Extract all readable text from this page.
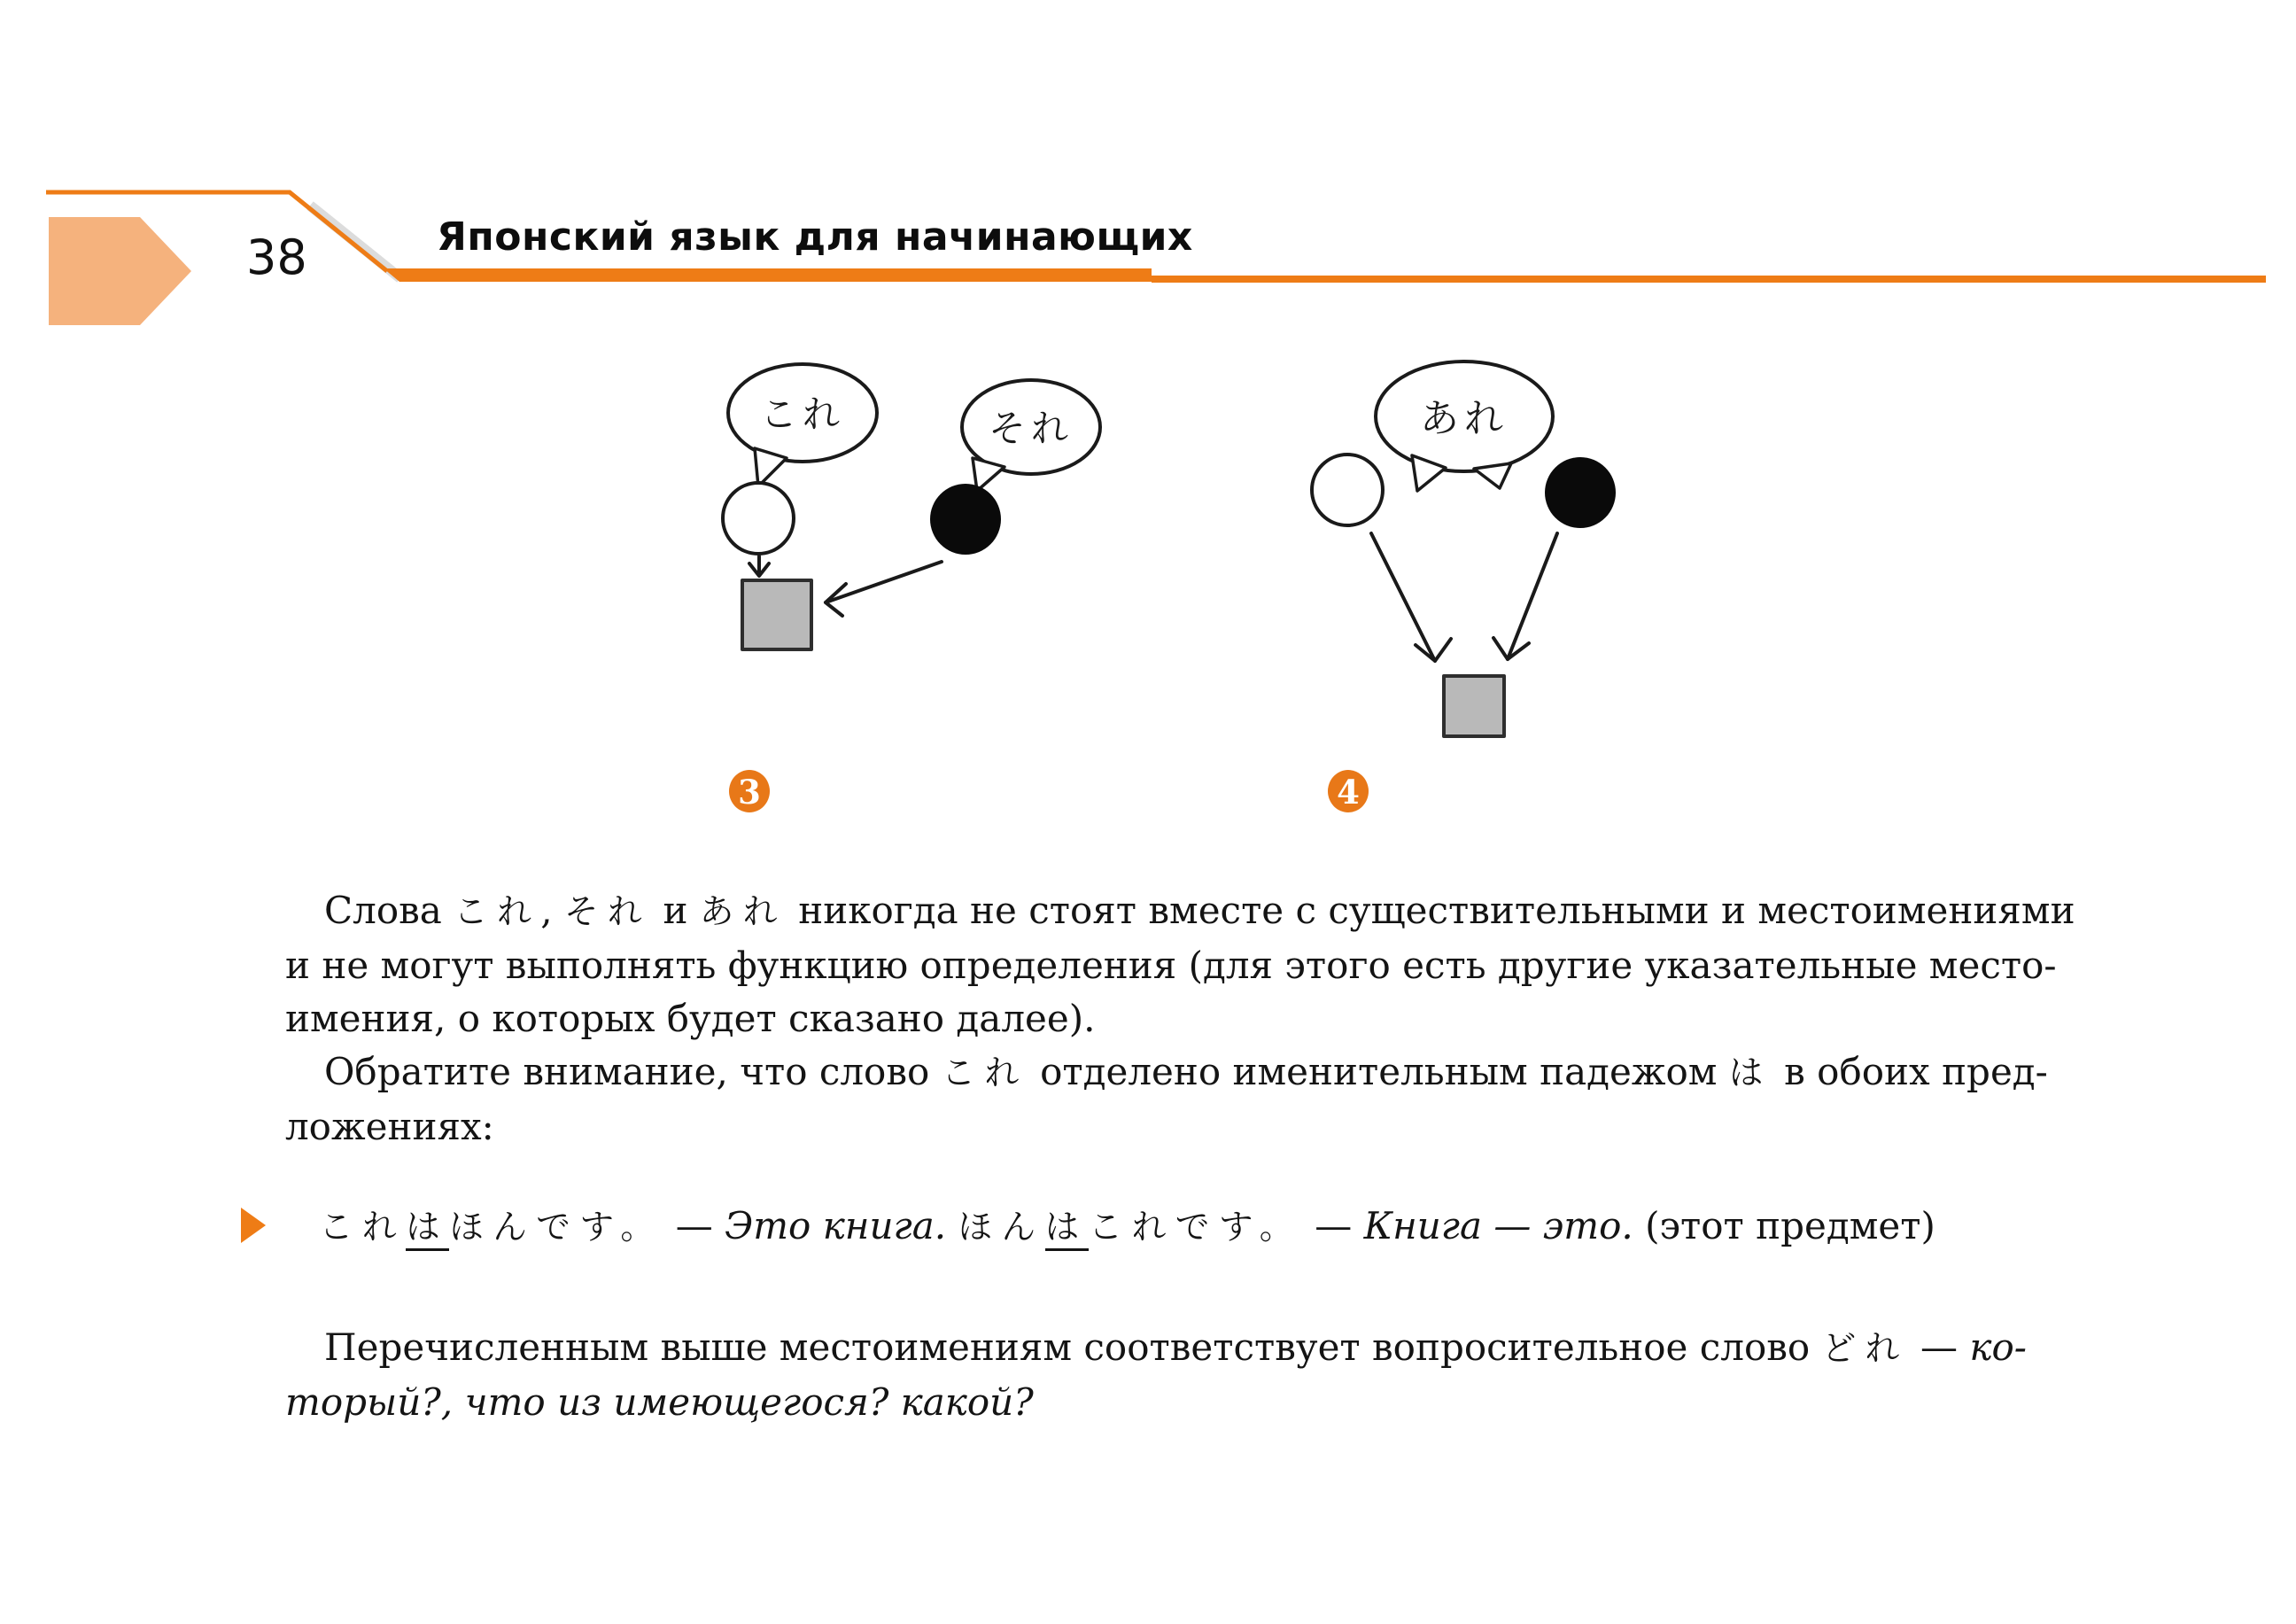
これ	それ
3
あれ
4
38	Японский язык для начинающих

Слова これ, それ и あれ никогда не стоят вместе с существительными и местоимениями

и не могут выполнять функцию определения (для этого есть другие указательные место-

имения, о которых будет сказано далее).

Обратите внимание, что слово これ отделено именительным падежом は в обоих пред-

ложениях:

これはほんです。 — Это книга. ほんはこれです。 — Книга — это. (этот предмет)

Перечисленным выше местоимениям соответствует вопросительное слово どれ — ко-

торый?, что из имеющегося? какой?
